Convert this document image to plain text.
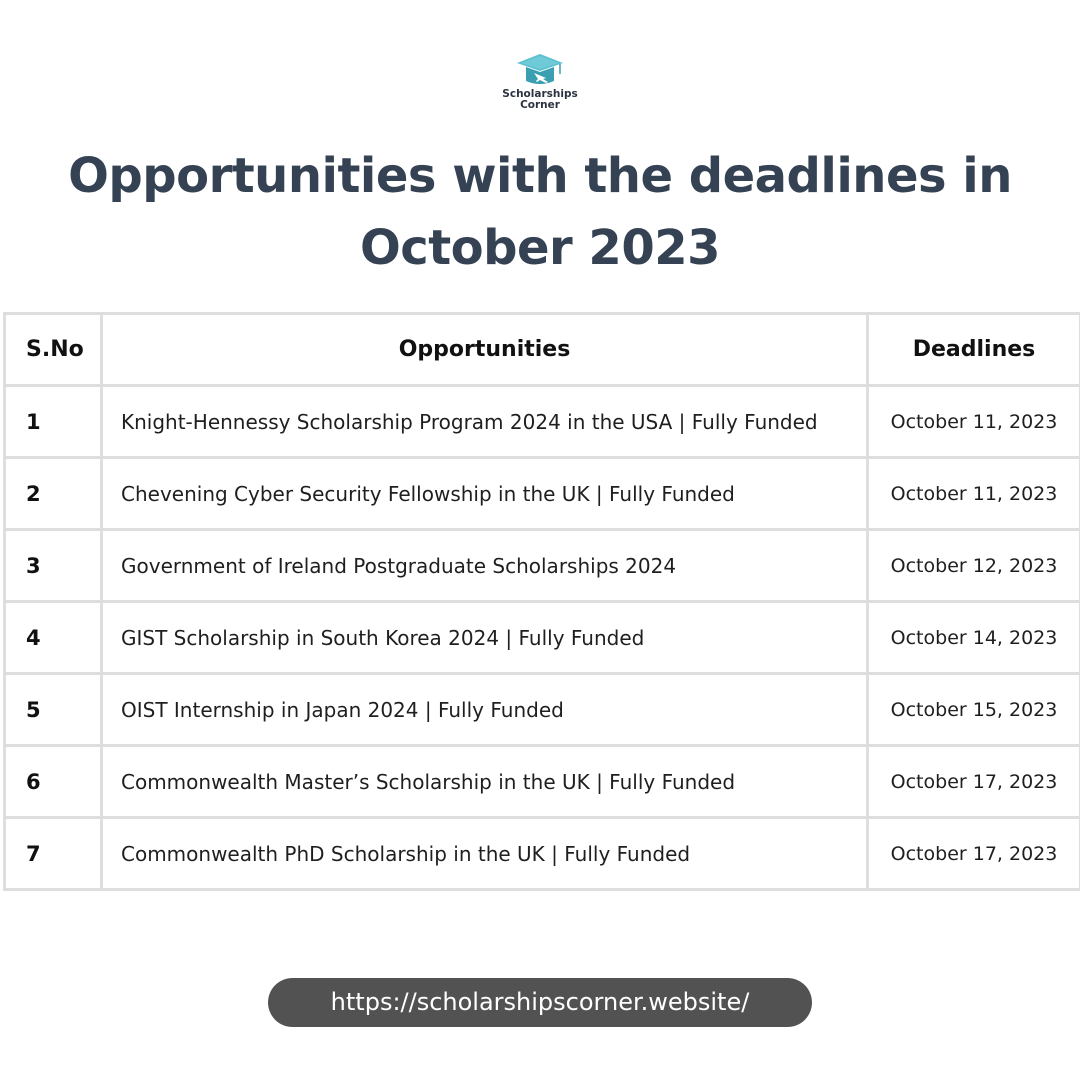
Scholarships
Corner
Opportunities with the deadlines in
October 2023
S.No	Opportunities	Deadlines
1	Knight-Hennessy Scholarship Program 2024 in the USA | Fully Funded	October 11, 2023
2	Chevening Cyber Security Fellowship in the UK | Fully Funded	October 11, 2023
3	Government of Ireland Postgraduate Scholarships 2024	October 12, 2023
4	GIST Scholarship in South Korea 2024 | Fully Funded	October 14, 2023
5	OIST Internship in Japan 2024 | Fully Funded	October 15, 2023
6	Commonwealth Master’s Scholarship in the UK | Fully Funded	October 17, 2023
7	Commonwealth PhD Scholarship in the UK | Fully Funded	October 17, 2023
https://scholarshipscorner.website/
